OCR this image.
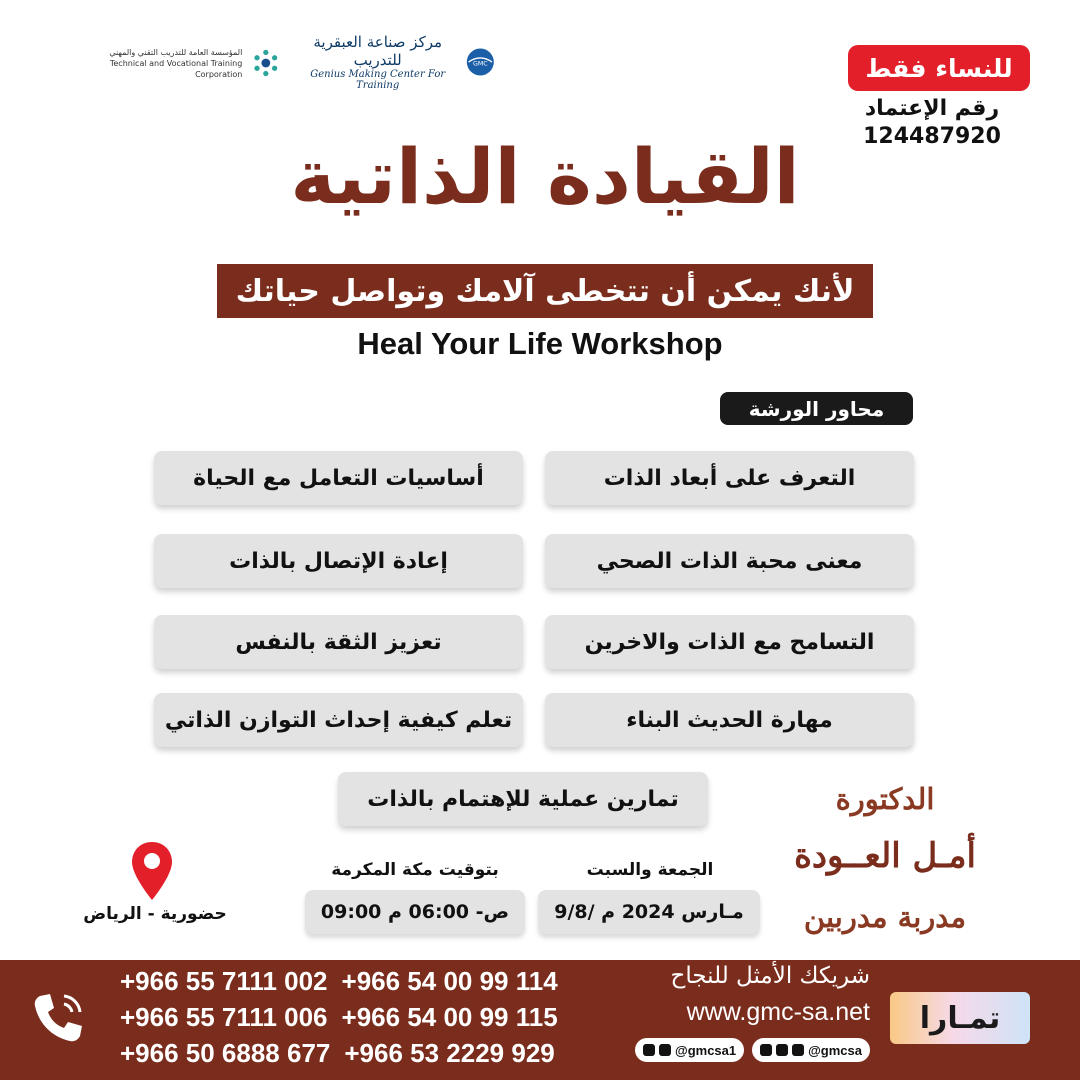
المؤسسة العامة للتدريب التقني والمهني
Technical and Vocational Training Corporation
مركز صناعة العبقرية للتدريب
Genius Making Center For Training
GMC	للنساء فقط
رقم الإعتماد
124487920
القيادة الذاتية
لأنك يمكن أن تتخطى آلامك وتواصل حياتك
Heal Your Life Workshop
محاور الورشة
التعرف على أبعاد الذات
أساسيات التعامل مع الحياة
معنى محبة الذات الصحي
إعادة الإتصال بالذات
التسامح مع الذات والاخرين
تعزيز الثقة بالنفس
مهارة الحديث البناء
تعلم كيفية إحداث التوازن الذاتي
تمارين عملية للإهتمام بالذات	الدكتورة
أمـل العــودة
مدربة مدربين
الجمعة والسبت
9/8/ مـارس 2024 م
بتوقيت مكة المكرمة
09:00 ص- 06:00 م
حضورية - الرياض
+966 55 7111 002 +966 54 00 99 114
+966 55 7111 006 +966 54 00 99 115
+966 50 6888 677 +966 53 2229 929
شريكك الأمثل للنجاح
www.gmc-sa.net
@gmcsa1	@gmcsa
تمـارا
